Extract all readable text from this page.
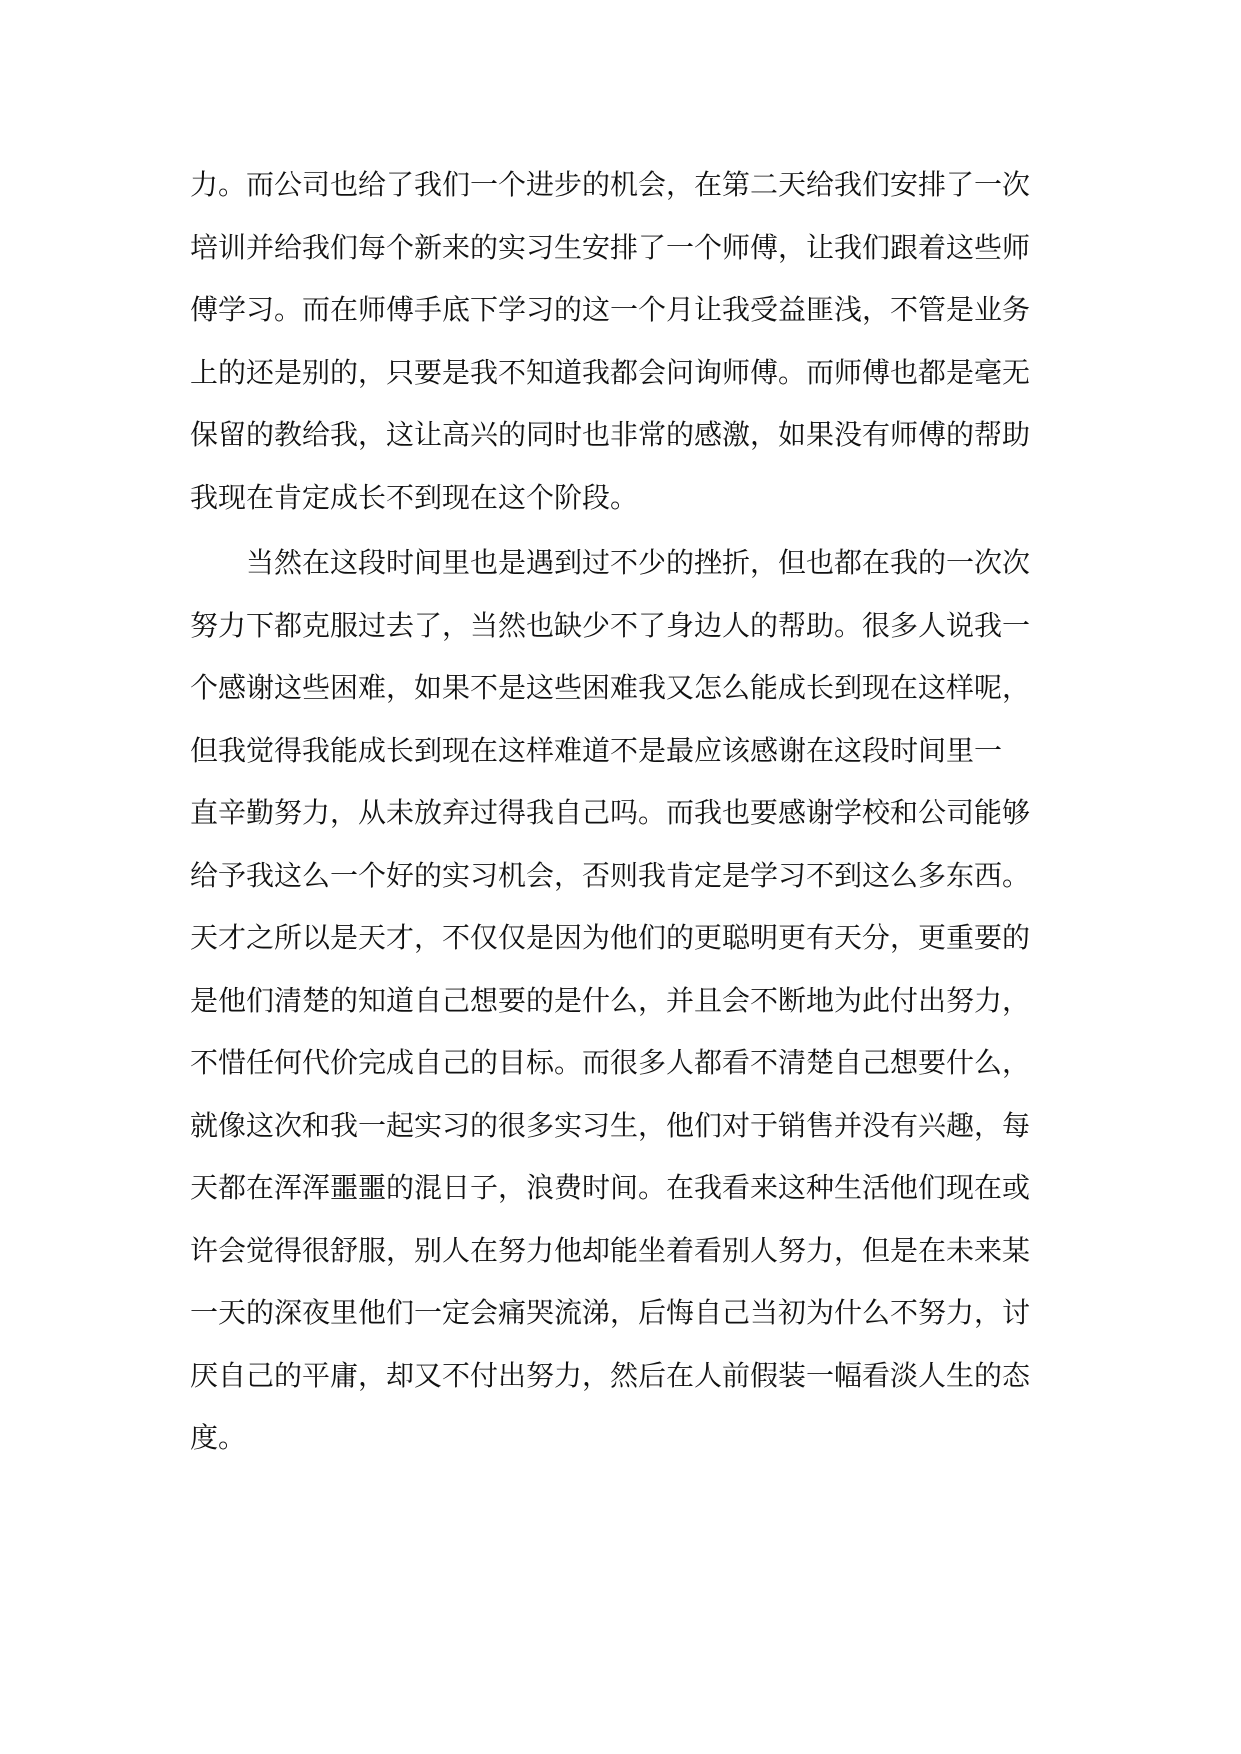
力。而公司也给了我们一个进步的机会，在第二天给我们安排了一次
培训并给我们每个新来的实习生安排了一个师傅，让我们跟着这些师
傅学习。而在师傅手底下学习的这一个月让我受益匪浅，不管是业务
上的还是别的，只要是我不知道我都会问询师傅。而师傅也都是毫无
保留的教给我，这让高兴的同时也非常的感激，如果没有师傅的帮助
我现在肯定成长不到现在这个阶段。
当然在这段时间里也是遇到过不少的挫折，但也都在我的一次次
努力下都克服过去了，当然也缺少不了身边人的帮助。很多人说我一
个感谢这些困难，如果不是这些困难我又怎么能成长到现在这样呢，
但我觉得我能成长到现在这样难道不是最应该感谢在这段时间里一
直辛勤努力，从未放弃过得我自己吗。而我也要感谢学校和公司能够
给予我这么一个好的实习机会，否则我肯定是学习不到这么多东西。
天才之所以是天才，不仅仅是因为他们的更聪明更有天分，更重要的
是他们清楚的知道自己想要的是什么，并且会不断地为此付出努力，
不惜任何代价完成自己的目标。而很多人都看不清楚自己想要什么，
就像这次和我一起实习的很多实习生，他们对于销售并没有兴趣，每
天都在浑浑噩噩的混日子，浪费时间。在我看来这种生活他们现在或
许会觉得很舒服，别人在努力他却能坐着看别人努力，但是在未来某
一天的深夜里他们一定会痛哭流涕，后悔自己当初为什么不努力，讨
厌自己的平庸，却又不付出努力，然后在人前假装一幅看淡人生的态
度。
